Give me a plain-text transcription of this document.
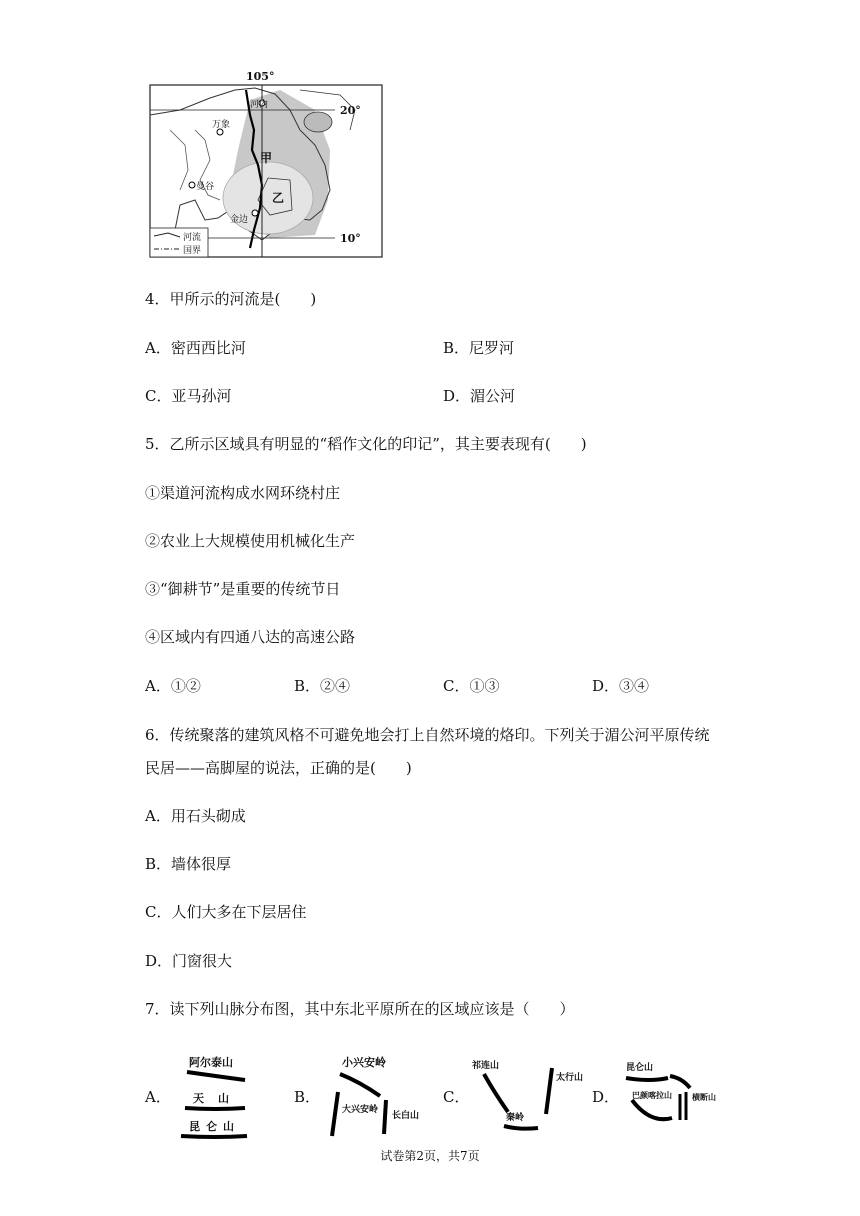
105°
20°
10°
河内
万象
曼谷
金边
甲
乙
河流
国界
4．甲所示的河流是(　　)
A．密西西比河	B．尼罗河
C．亚马孙河	D．湄公河
5．乙所示区域具有明显的“稻作文化的印记”，其主要表现有(　　)
①渠道河流构成水网环绕村庄
②农业上大规模使用机械化生产
③“御耕节”是重要的传统节日
④区域内有四通八达的高速公路
A．①②	B．②④	C．①③	D．③④
6．传统聚落的建筑风格不可避免地会打上自然环境的烙印。下列关于湄公河平原传统
民居——高脚屋的说法，正确的是(　　)
A．用石头砌成
B．墙体很厚
C．人们大多在下层居住
D．门窗很大
7．读下列山脉分布图，其中东北平原所在的区域应该是（　　）
A．	B．	C．	D．
阿尔泰山
天山
昆仑山
小兴安岭
大兴安岭
长白山
祁连山
太行山
秦岭
昆仑山
巴颜喀拉山	横断山
试卷第2页，共7页
